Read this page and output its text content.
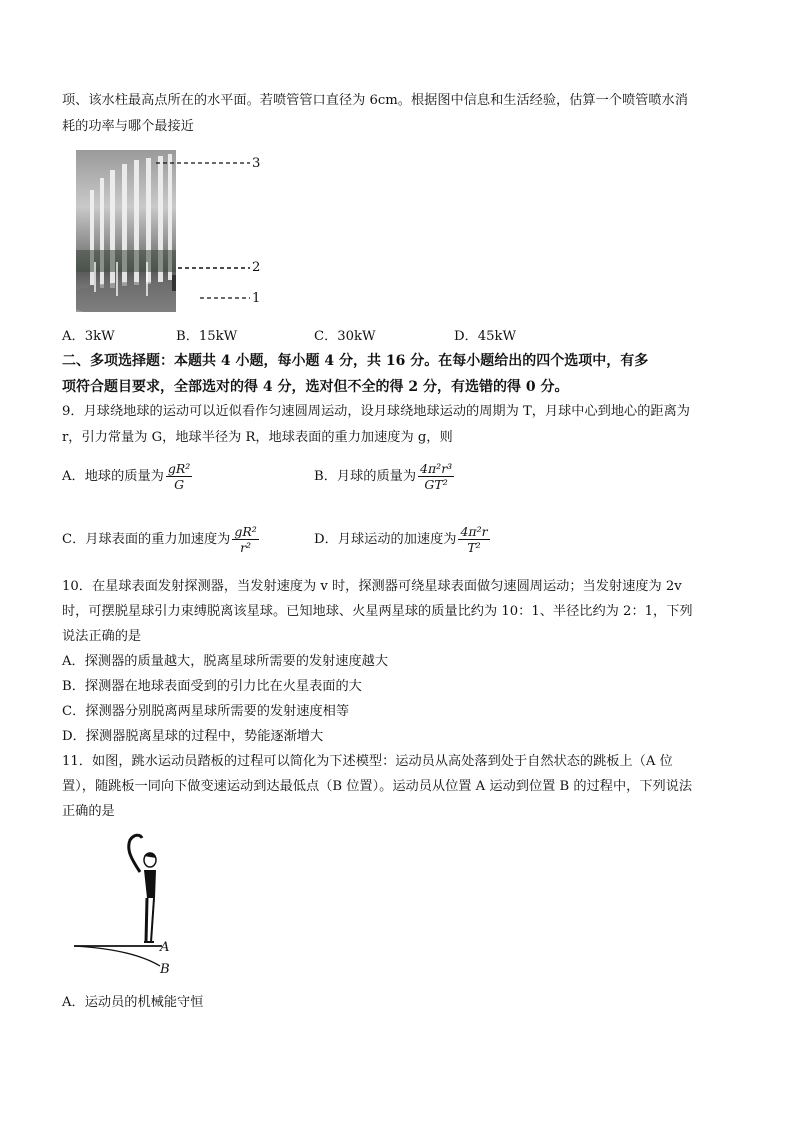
项、该水柱最高点所在的水平面。若喷管管口直径为 6cm。根据图中信息和生活经验，估算一个喷管喷水消
耗的功率与哪个最接近
3
2
1
A．3kW	B．15kW	C．30kW	D．45kW
二、多项选择题：本题共 4 小题，每小题 4 分，共 16 分。在每小题给出的四个选项中，有多
项符合题目要求，全部选对的得 4 分，选对但不全的得 2 分，有选错的得 0 分。
9．月球绕地球的运动可以近似看作匀速圆周运动，设月球绕地球运动的周期为 T，月球中心到地心的距离为
r，引力常量为 G，地球半径为 R，地球表面的重力加速度为 g，则
A．地球的质量为 $\frac{\text{gR²}}{G}$	B．月球的质量为 $\frac{\text{4π²r³}}{\text{GT²}}$
C．月球表面的重力加速度为 $\frac{\text{gR²}}{\text{r²}}$	D．月球运动的加速度为 $\frac{\text{4π²r}}{\text{T²}}$
10．在星球表面发射探测器，当发射速度为 v 时，探测器可绕星球表面做匀速圆周运动；当发射速度为 2v
时，可摆脱星球引力束缚脱离该星球。已知地球、火星两星球的质量比约为 10：1、半径比约为 2：1，下列
说法正确的是
A．探测器的质量越大，脱离星球所需要的发射速度越大
B．探测器在地球表面受到的引力比在火星表面的大
C．探测器分别脱离两星球所需要的发射速度相等
D．探测器脱离星球的过程中，势能逐渐增大
11．如图，跳水运动员踏板的过程可以简化为下述模型：运动员从高处落到处于自然状态的跳板上（A 位
置），随跳板一同向下做变速运动到达最低点（B 位置）。运动员从位置 A 运动到位置 B 的过程中，下列说法
正确的是
A
B
A．运动员的机械能守恒
